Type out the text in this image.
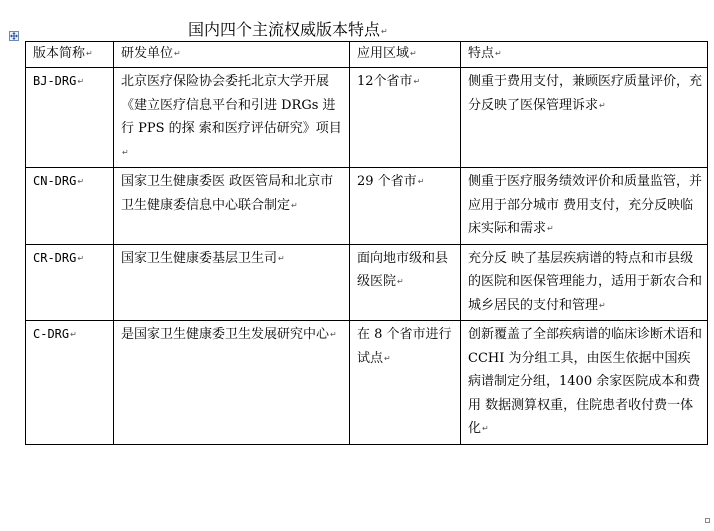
国内四个主流权威版本特点↵
版本简称↵	研发单位↵	应用区域↵	特点↵
BJ-DRG↵	北京医疗保险协会委托北京大学开展《建立医疗信息平台和引进 DRGs 进行 PPS 的探 索和医疗评估研究》项目↵	12个省市↵	侧重于费用支付，兼顾医疗质量评价，充分反映了医保管理诉求↵
CN-DRG↵	国家卫生健康委医 政医管局和北京市卫生健康委信息中心联合制定↵	29 个省市↵	侧重于医疗服务绩效评价和质量监管，并应用于部分城市 费用支付，充分反映临床实际和需求↵
CR-DRG↵	国家卫生健康委基层卫生司↵	面向地市级和县级医院↵	充分反 映了基层疾病谱的特点和市县级的医院和医保管理能力，适用于新农合和 城乡居民的支付和管理↵
C-DRG↵	是国家卫生健康委卫生发展研究中心↵	在 8 个省市进行试点↵	创新覆盖了全部疾病谱的临床诊断术语和 CCHI 为分组工具，由医生依据中国疾病谱制定分组，1400 余家医院成本和费用 数据测算权重，住院患者收付费一体化↵
